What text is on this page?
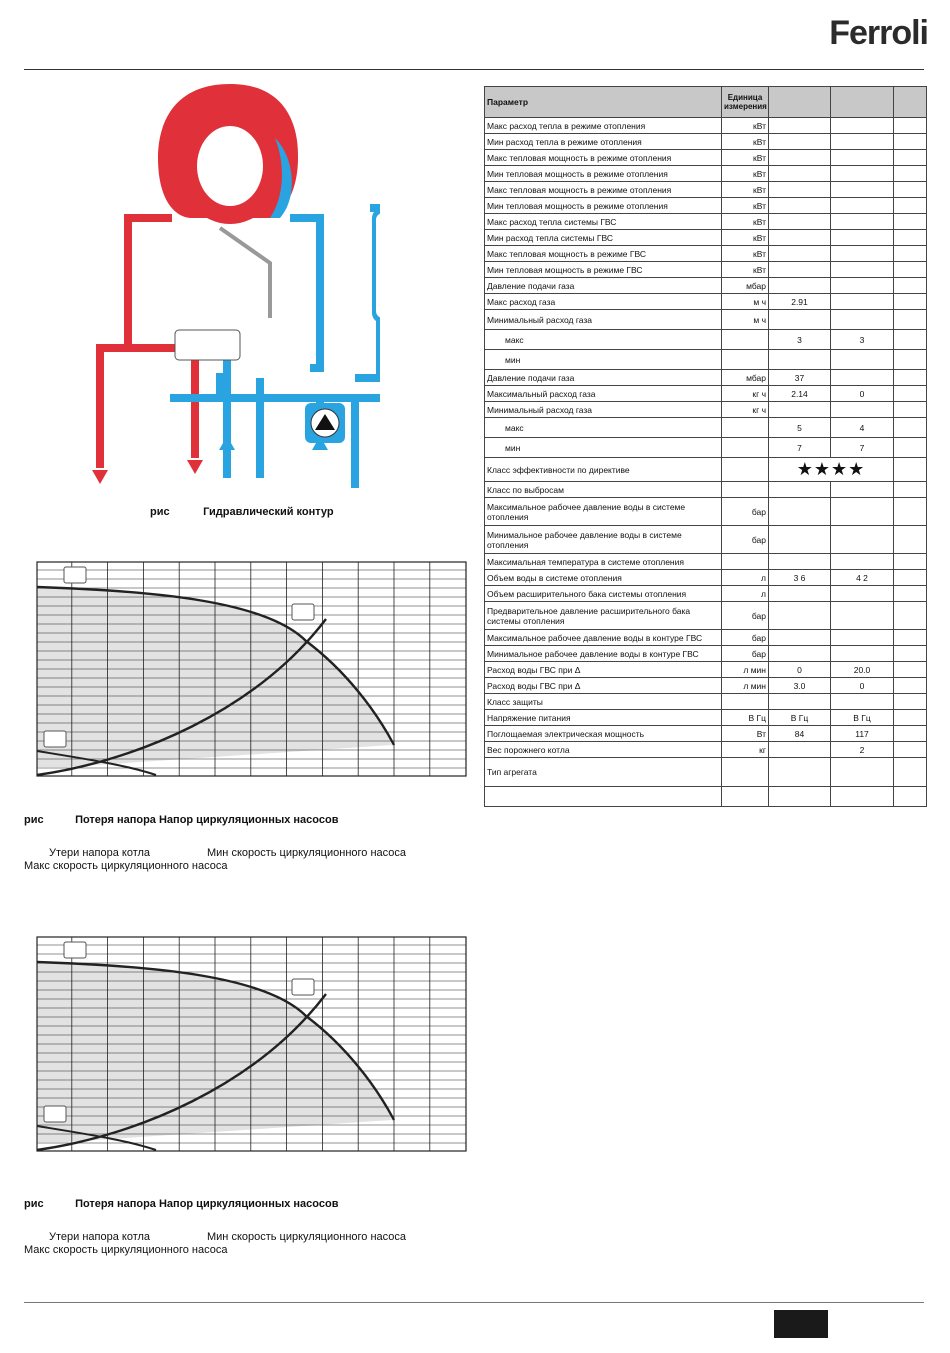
Ferroli
рис	Гидравлический контур
рис	Потеря напора Напор циркуляционных насосов
Утери напора котла	Мин скорость циркуляционного насоса
Макс скорость циркуляционного насоса
рис	Потеря напора Напор циркуляционных насосов
Утери напора котла	Мин скорость циркуляционного насоса
Макс скорость циркуляционного насоса
Параметр	Единица измерения			
Макс расход тепла в режиме отопления	кВт			
Мин расход тепла в режиме отопления	кВт			
Макс тепловая мощность в режиме отопления	кВт			
Мин тепловая мощность в режиме отопления	кВт			
Макс тепловая мощность в режиме отопления	кВт			
Мин тепловая мощность в режиме отопления	кВт			
Макс расход тепла системы ГВС	кВт			
Мин расход тепла системы ГВС	кВт			
Макс тепловая мощность в режиме ГВС	кВт			
Мин тепловая мощность в режиме ГВС	кВт			
Давление подачи газа	мбар			
Макс расход газа	м ч	2.91		
Минимальный расход газа	м ч			
макс		3	3	
мин				
Давление подачи газа	мбар	37		
Максимальный расход газа	кг ч	2.14	0	
Минимальный расход газа	кг ч			
макс		5	4	
мин		7	7	
Класс эффективности по директиве		★★★★		
Класс по выбросам				
Максимальное рабочее давление воды в системе отопления	бар			
Минимальное рабочее давление воды в системе отопления	бар			
Максимальная температура в системе отопления				
Объем воды в системе отопления	л	3 6	4 2	
Объем расширительного бака системы отопления	л			
Предварительное давление расширительного бака системы отопления	бар			
Максимальное рабочее давление воды в контуре ГВС	бар			
Минимальное рабочее давление воды в контуре ГВС	бар			
Расход воды ГВС при Δ	л мин	0	20.0	
Расход воды ГВС при Δ	л мин	3.0	0	
Класс защиты				
Напряжение питания	В Гц	В Гц	В Гц	
Поглощаемая электрическая мощность	Вт	84	117	
Вес порожнего котла	кг		2	
Тип агрегата				
